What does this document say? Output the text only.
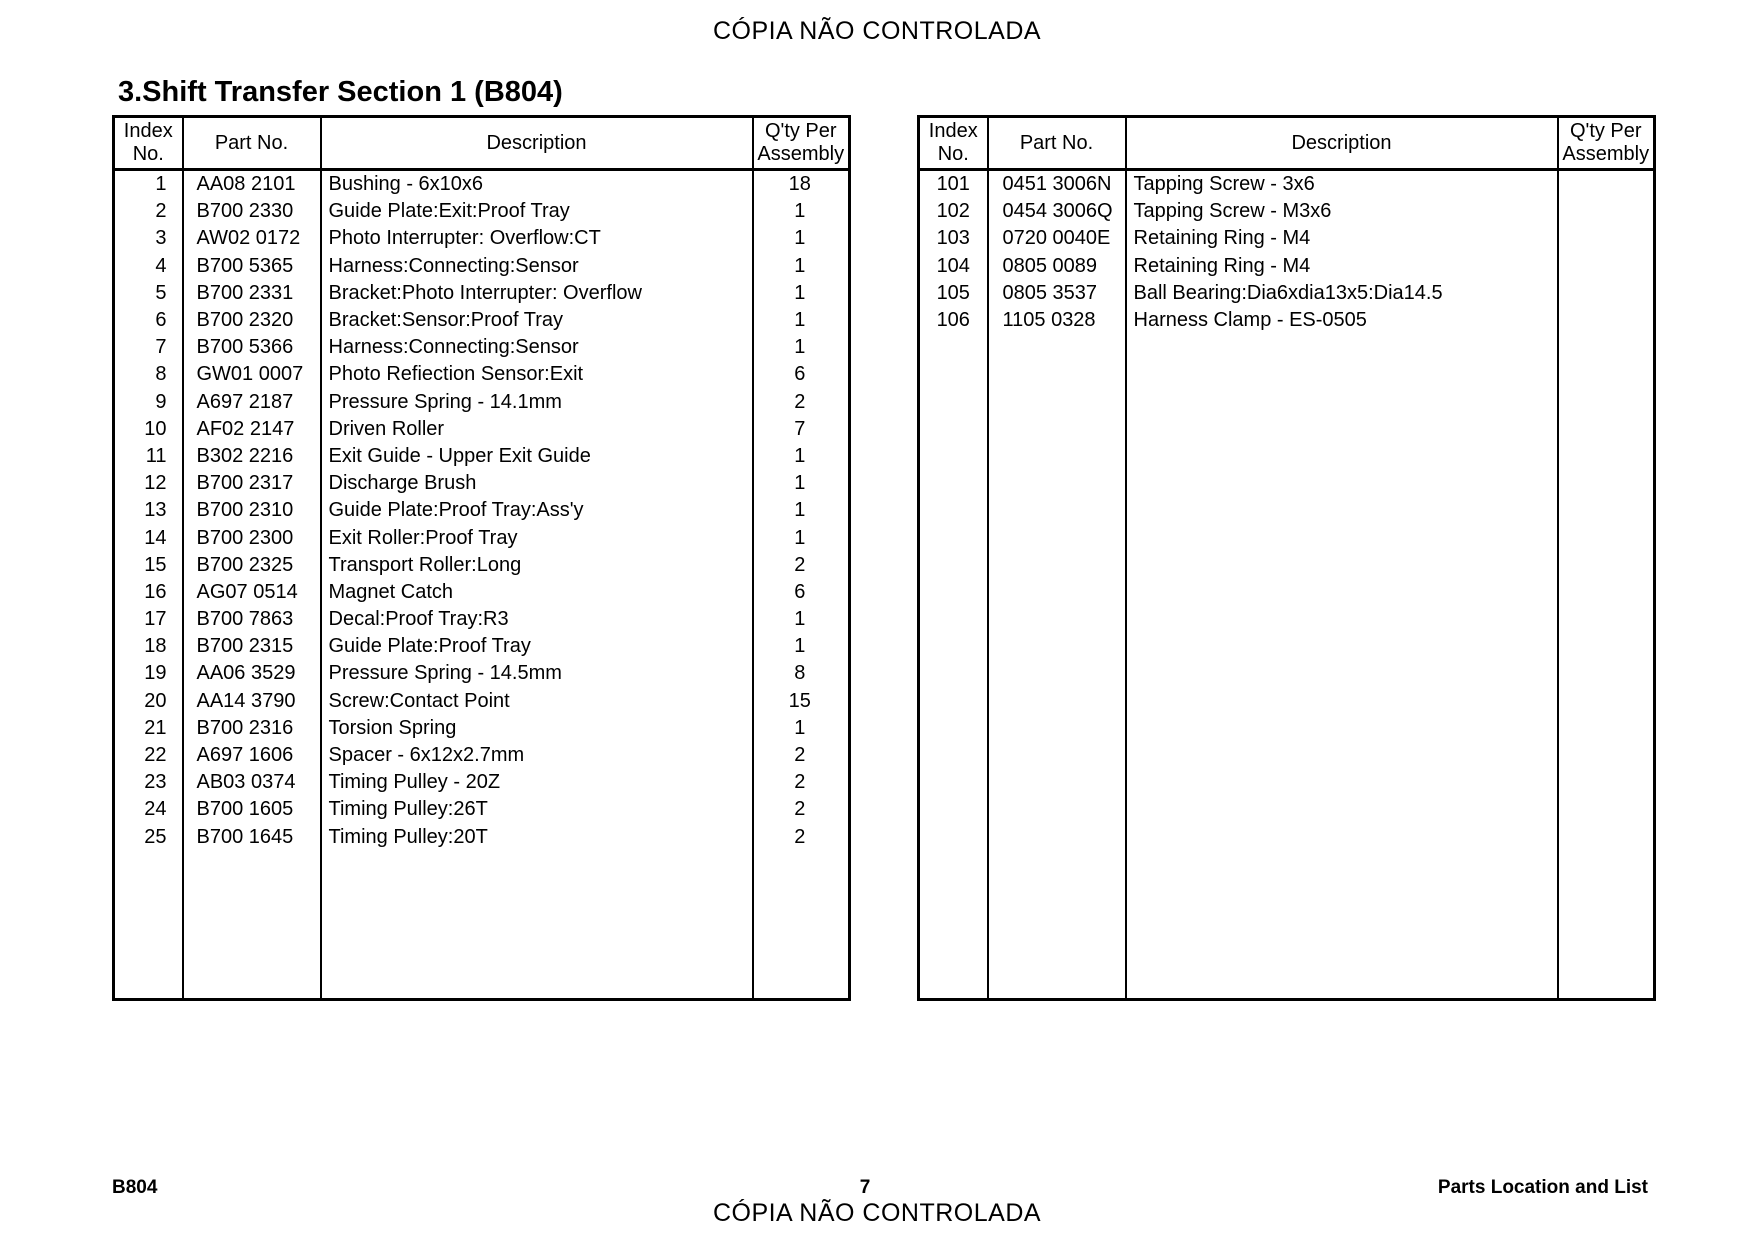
CÓPIA NÃO CONTROLADA
3.Shift Transfer Section 1 (B804)
Index
No.	Part No.	Description	Q'ty Per
Assembly
1	AA08 2101	Bushing - 6x10x6	18
2	B700 2330	Guide Plate:Exit:Proof Tray	1
3	AW02 0172	Photo Interrupter: Overflow:CT	1
4	B700 5365	Harness:Connecting:Sensor	1
5	B700 2331	Bracket:Photo Interrupter: Overflow	1
6	B700 2320	Bracket:Sensor:Proof Tray	1
7	B700 5366	Harness:Connecting:Sensor	1
8	GW01 0007	Photo Refiection Sensor:Exit	6
9	A697 2187	Pressure Spring - 14.1mm	2
10	AF02 2147	Driven Roller	7
11	B302 2216	Exit Guide - Upper Exit Guide	1
12	B700 2317	Discharge Brush	1
13	B700 2310	Guide Plate:Proof Tray:Ass'y	1
14	B700 2300	Exit Roller:Proof Tray	1
15	B700 2325	Transport Roller:Long	2
16	AG07 0514	Magnet Catch	6
17	B700 7863	Decal:Proof Tray:R3	1
18	B700 2315	Guide Plate:Proof Tray	1
19	AA06 3529	Pressure Spring - 14.5mm	8
20	AA14 3790	Screw:Contact Point	15
21	B700 2316	Torsion Spring	1
22	A697 1606	Spacer - 6x12x2.7mm	2
23	AB03 0374	Timing Pulley - 20Z	2
24	B700 1605	Timing Pulley:26T	2
25	B700 1645	Timing Pulley:20T	2

Index
No.	Part No.	Description	Q'ty Per
Assembly
101	0451 3006N	Tapping Screw - 3x6	
102	0454 3006Q	Tapping Screw - M3x6	
103	0720 0040E	Retaining Ring - M4	
104	0805 0089	Retaining Ring - M4	
105	0805 3537	Ball Bearing:Dia6xdia13x5:Dia14.5	
106	1105 0328	Harness Clamp - ES-0505	

B804	7	Parts Location and List
CÓPIA NÃO CONTROLADA
